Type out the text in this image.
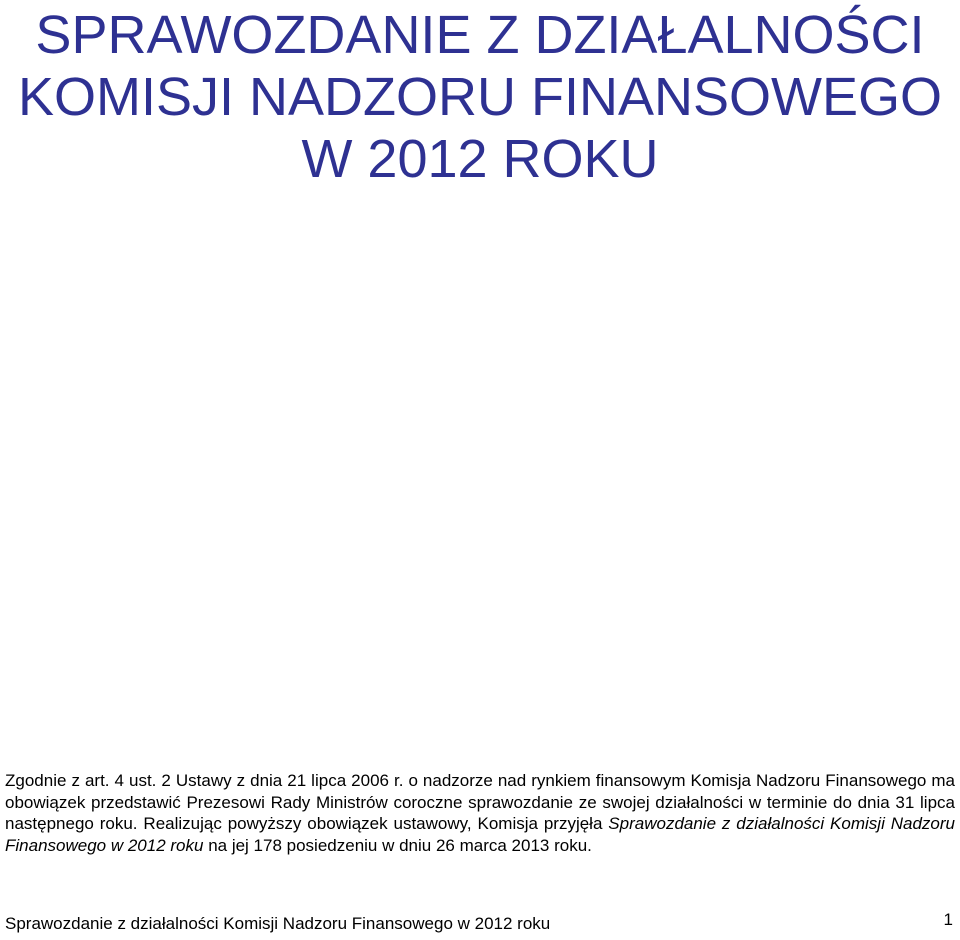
SPRAWOZDANIE Z DZIAŁALNOŚCI
KOMISJI NADZORU FINANSOWEGO
W 2012 ROKU

Zgodnie z art. 4 ust. 2 Ustawy z dnia 21 lipca 2006 r. o nadzorze nad rynkiem finansowym Komisja Nadzoru Finansowego ma obowiązek przedstawić Prezesowi Rady Ministrów coroczne sprawozdanie ze swojej działalności w terminie do dnia 31 lipca następnego roku. Realizując powyższy obowiązek ustawowy, Komisja przyjęła Sprawozdanie z działalności Komisji Nadzoru Finansowego w 2012 roku na jej 178 posiedzeniu w dniu 26 marca 2013 roku.

Sprawozdanie z działalności Komisji Nadzoru Finansowego w 2012 roku	1
